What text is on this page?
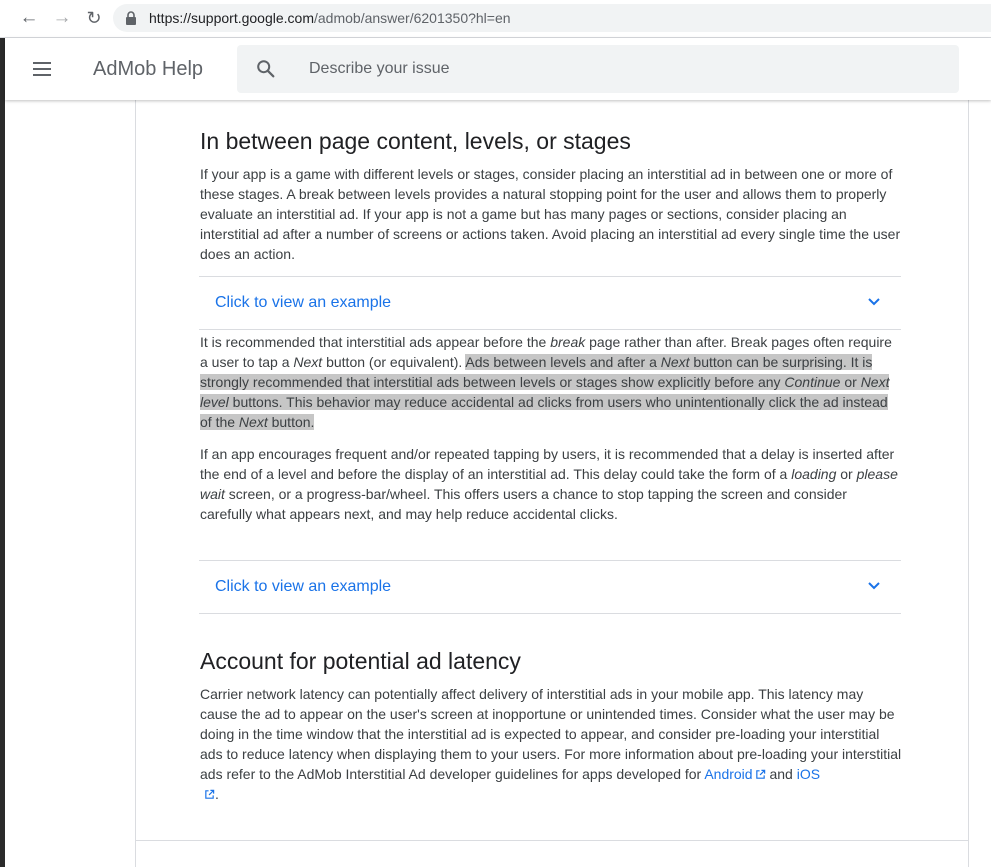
← → ↻	https://support.google.com/admob/answer/6201350?hl=en
AdMob Help	Describe your issue
In between page content, levels, or stages

If your app is a game with different levels or stages, consider placing an interstitial ad in between one or more of these stages. A break between levels provides a natural stopping point for the user and allows them to properly evaluate an interstitial ad. If your app is not a game but has many pages or sections, consider placing an interstitial ad after a number of screens or actions taken. Avoid placing an interstitial ad every single time the user does an action.

Click to view an example

It is recommended that interstitial ads appear before the break page rather than after. Break pages often require a user to tap a Next button (or equivalent). Ads between levels and after a Next button can be surprising. It is strongly recommended that interstitial ads between levels or stages show explicitly before any Continue or Next level buttons. This behavior may reduce accidental ad clicks from users who unintentionally click the ad instead of the Next button.

If an app encourages frequent and/or repeated tapping by users, it is recommended that a delay is inserted after the end of a level and before the display of an interstitial ad. This delay could take the form of a loading or please wait screen, or a progress-bar/wheel. This offers users a chance to stop tapping the screen and consider carefully what appears next, and may help reduce accidental clicks.

Click to view an example
Account for potential ad latency

Carrier network latency can potentially affect delivery of interstitial ads in your mobile app. This latency may cause the ad to appear on the user's screen at inopportune or unintended times. Consider what the user may be doing in the time window that the interstitial ad is expected to appear, and consider pre-loading your interstitial ads to reduce latency when displaying them to your users. For more information about pre-loading your interstitial ads refer to the AdMob Interstitial Ad developer guidelines for apps developed for Android and iOS
.
